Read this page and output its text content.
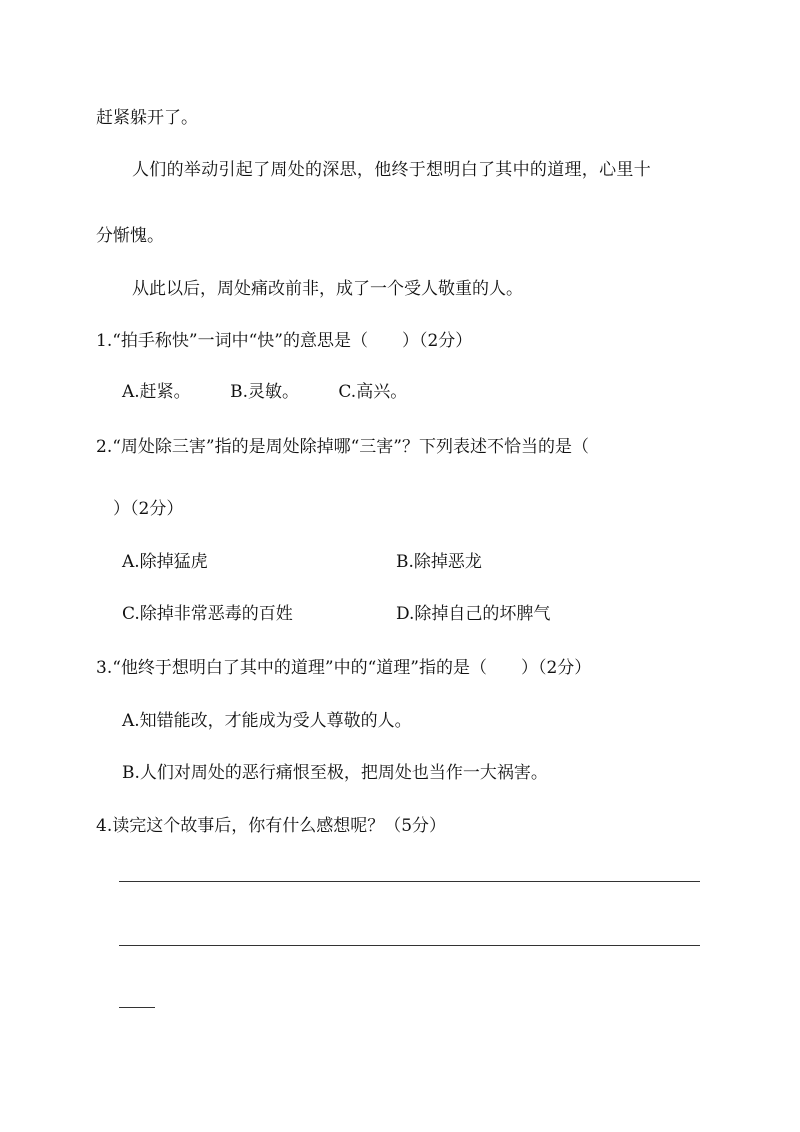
赶紧躲开了。
人们的举动引起了周处的深思，他终于想明白了其中的道理，心里十
分惭愧。
从此以后，周处痛改前非，成了一个受人敬重的人。
1.“拍手称快”一词中“快”的意思是（　　）（2分）
A.赶紧。 B.灵敏。 C.高兴。
2.“周处除三害”指的是周处除掉哪“三害”？下列表述不恰当的是（
）（2分）
A.除掉猛虎	B.除掉恶龙
C.除掉非常恶毒的百姓	D.除掉自己的坏脾气
3.“他终于想明白了其中的道理”中的“道理”指的是（　　）（2分）
A.知错能改，才能成为受人尊敬的人。
B.人们对周处的恶行痛恨至极，把周处也当作一大祸害。
4.读完这个故事后，你有什么感想呢？（5分）
